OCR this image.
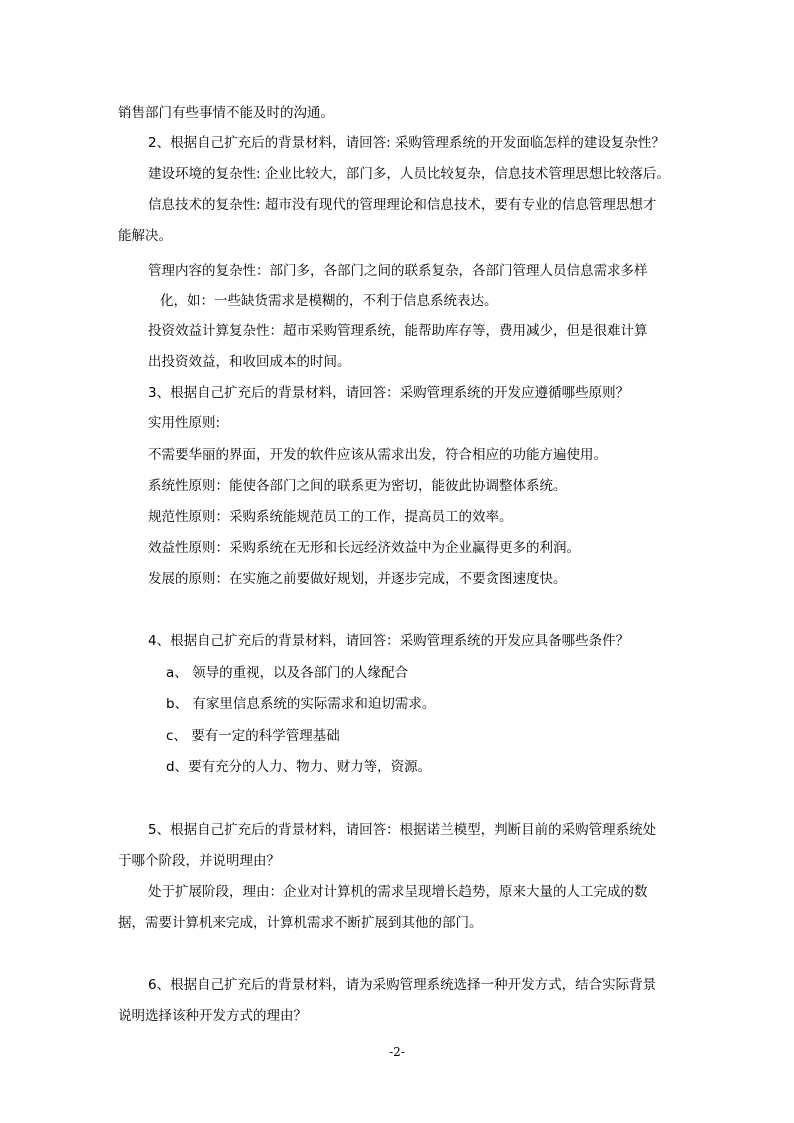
销售部门有些事情不能及时的沟通。
2、根据自己扩充后的背景材料，请回答: 采购管理系统的开发面临怎样的建设复杂性？
建设环境的复杂性: 企业比较大，部门多，人员比较复杂，信息技术管理思想比较落后。
信息技术的复杂性: 超市没有现代的管理理论和信息技术，要有专业的信息管理思想才
能解决。
管理内容的复杂性：部门多，各部门之间的联系复杂，各部门管理人员信息需求多样
化，如：一些缺货需求是模糊的，不利于信息系统表达。
投资效益计算复杂性：超市采购管理系统，能帮助库存等，费用减少，但是很难计算
出投资效益，和收回成本的时间。
3、根据自己扩充后的背景材料，请回答：采购管理系统的开发应遵循哪些原则？
实用性原则:
不需要华丽的界面，开发的软件应该从需求出发，符合相应的功能方遍使用。
系统性原则：能使各部门之间的联系更为密切，能彼此协调整体系统。
规范性原则：采购系统能规范员工的工作，提高员工的效率。
效益性原则：采购系统在无形和长远经济效益中为企业赢得更多的利润。
发展的原则：在实施之前要做好规划，并逐步完成，不要贪图速度快。
4、根据自己扩充后的背景材料，请回答：采购管理系统的开发应具备哪些条件？
a、 领导的重视，以及各部门的人缘配合
b、 有家里信息系统的实际需求和迫切需求。
c、 要有一定的科学管理基础
d、要有充分的人力、物力、财力等，资源。
5、根据自己扩充后的背景材料，请回答：根据诺兰模型，判断目前的采购管理系统处
于哪个阶段，并说明理由？
处于扩展阶段，理由：企业对计算机的需求呈现增长趋势，原来大量的人工完成的数
据，需要计算机来完成，计算机需求不断扩展到其他的部门。
6、根据自己扩充后的背景材料，请为采购管理系统选择一种开发方式，结合实际背景
说明选择该种开发方式的理由？
-2-
